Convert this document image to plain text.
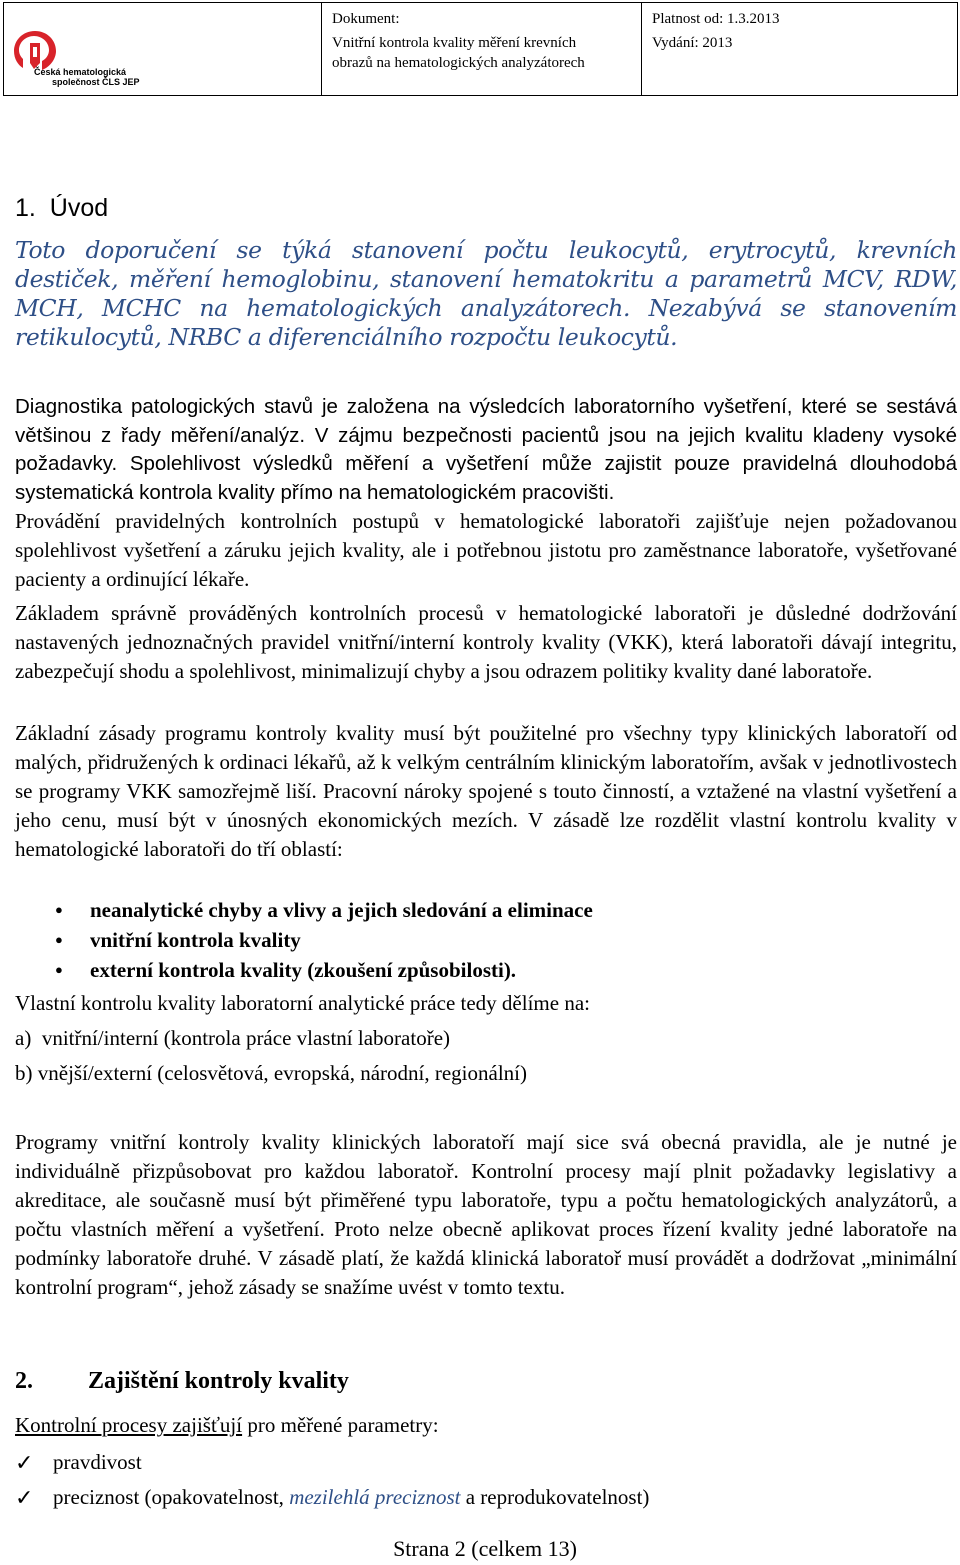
Česká hematologická
společnost ČLS JEP
Dokument:
Vnitřní kontrola kvality měření krevních
obrazů na hematologických analyzátorech
Platnost od: 1.3.2013
Vydání: 2013
1. Úvod
Toto doporučení se týká stanovení počtu leukocytů, erytrocytů, krevních destiček, měření hemoglobinu, stanovení hematokritu a parametrů MCV, RDW, MCH, MCHC na hematologických analyzátorech. Nezabývá se stanovením retikulocytů, NRBC a diferenciálního rozpočtu leukocytů.
Diagnostika patologických stavů je založena na výsledcích laboratorního vyšetření, které se sestává většinou z řady měření/analýz. V zájmu bezpečnosti pacientů jsou na jejich kvalitu kladeny vysoké požadavky. Spolehlivost výsledků měření a vyšetření může zajistit pouze pravidelná dlouhodobá systematická kontrola kvality přímo na hematologickém pracovišti.
Provádění pravidelných kontrolních postupů v hematologické laboratoři zajišťuje nejen požadovanou spolehlivost vyšetření a záruku jejich kvality, ale i potřebnou jistotu pro zaměstnance laboratoře, vyšetřované pacienty a ordinující lékaře.
Základem správně prováděných kontrolních procesů v hematologické laboratoři je důsledné dodržování nastavených jednoznačných pravidel vnitřní/interní kontroly kvality (VKK), která laboratoři dávají integritu, zabezpečují shodu a spolehlivost, minimalizují chyby a jsou odrazem politiky kvality dané laboratoře.
Základní zásady programu kontroly kvality musí být použitelné pro všechny typy klinických laboratoří od malých, přidružených k ordinaci lékařů, až k velkým centrálním klinickým laboratořím, avšak v jednotlivostech se programy VKK samozřejmě liší. Pracovní nároky spojené s touto činností, a vztažené na vlastní vyšetření a jeho cenu, musí být v únosných ekonomických mezích. V zásadě lze rozdělit vlastní kontrolu kvality v hematologické laboratoři do tří oblastí:
● neanalytické chyby a vlivy a jejich sledování a eliminace
● vnitřní kontrola kvality
● externí kontrola kvality (zkoušení způsobilosti).
Vlastní kontrolu kvality laboratorní analytické práce tedy dělíme na:
a)  vnitřní/interní (kontrola práce vlastní laboratoře)
b) vnější/externí (celosvětová, evropská, národní, regionální)
Programy vnitřní kontroly kvality klinických laboratoří mají sice svá obecná pravidla, ale je nutné je individuálně přizpůsobovat pro každou laboratoř. Kontrolní procesy mají plnit požadavky legislativy a akreditace, ale současně musí být přiměřené typu laboratoře, typu a počtu hematologických analyzátorů, a počtu vlastních měření a vyšetření. Proto nelze obecně aplikovat proces řízení kvality jedné laboratoře na podmínky laboratoře druhé. V zásadě platí, že každá klinická laboratoř musí provádět a dodržovat „minimální kontrolní program“, jehož zásady se snažíme uvést v tomto textu.
2. Zajištění kontroly kvality
Kontrolní procesy zajišťují pro měřené parametry:
✓ pravdivost
✓ preciznost (opakovatelnost, mezilehlá preciznost a reprodukovatelnost)
Strana 2 (celkem 13)
